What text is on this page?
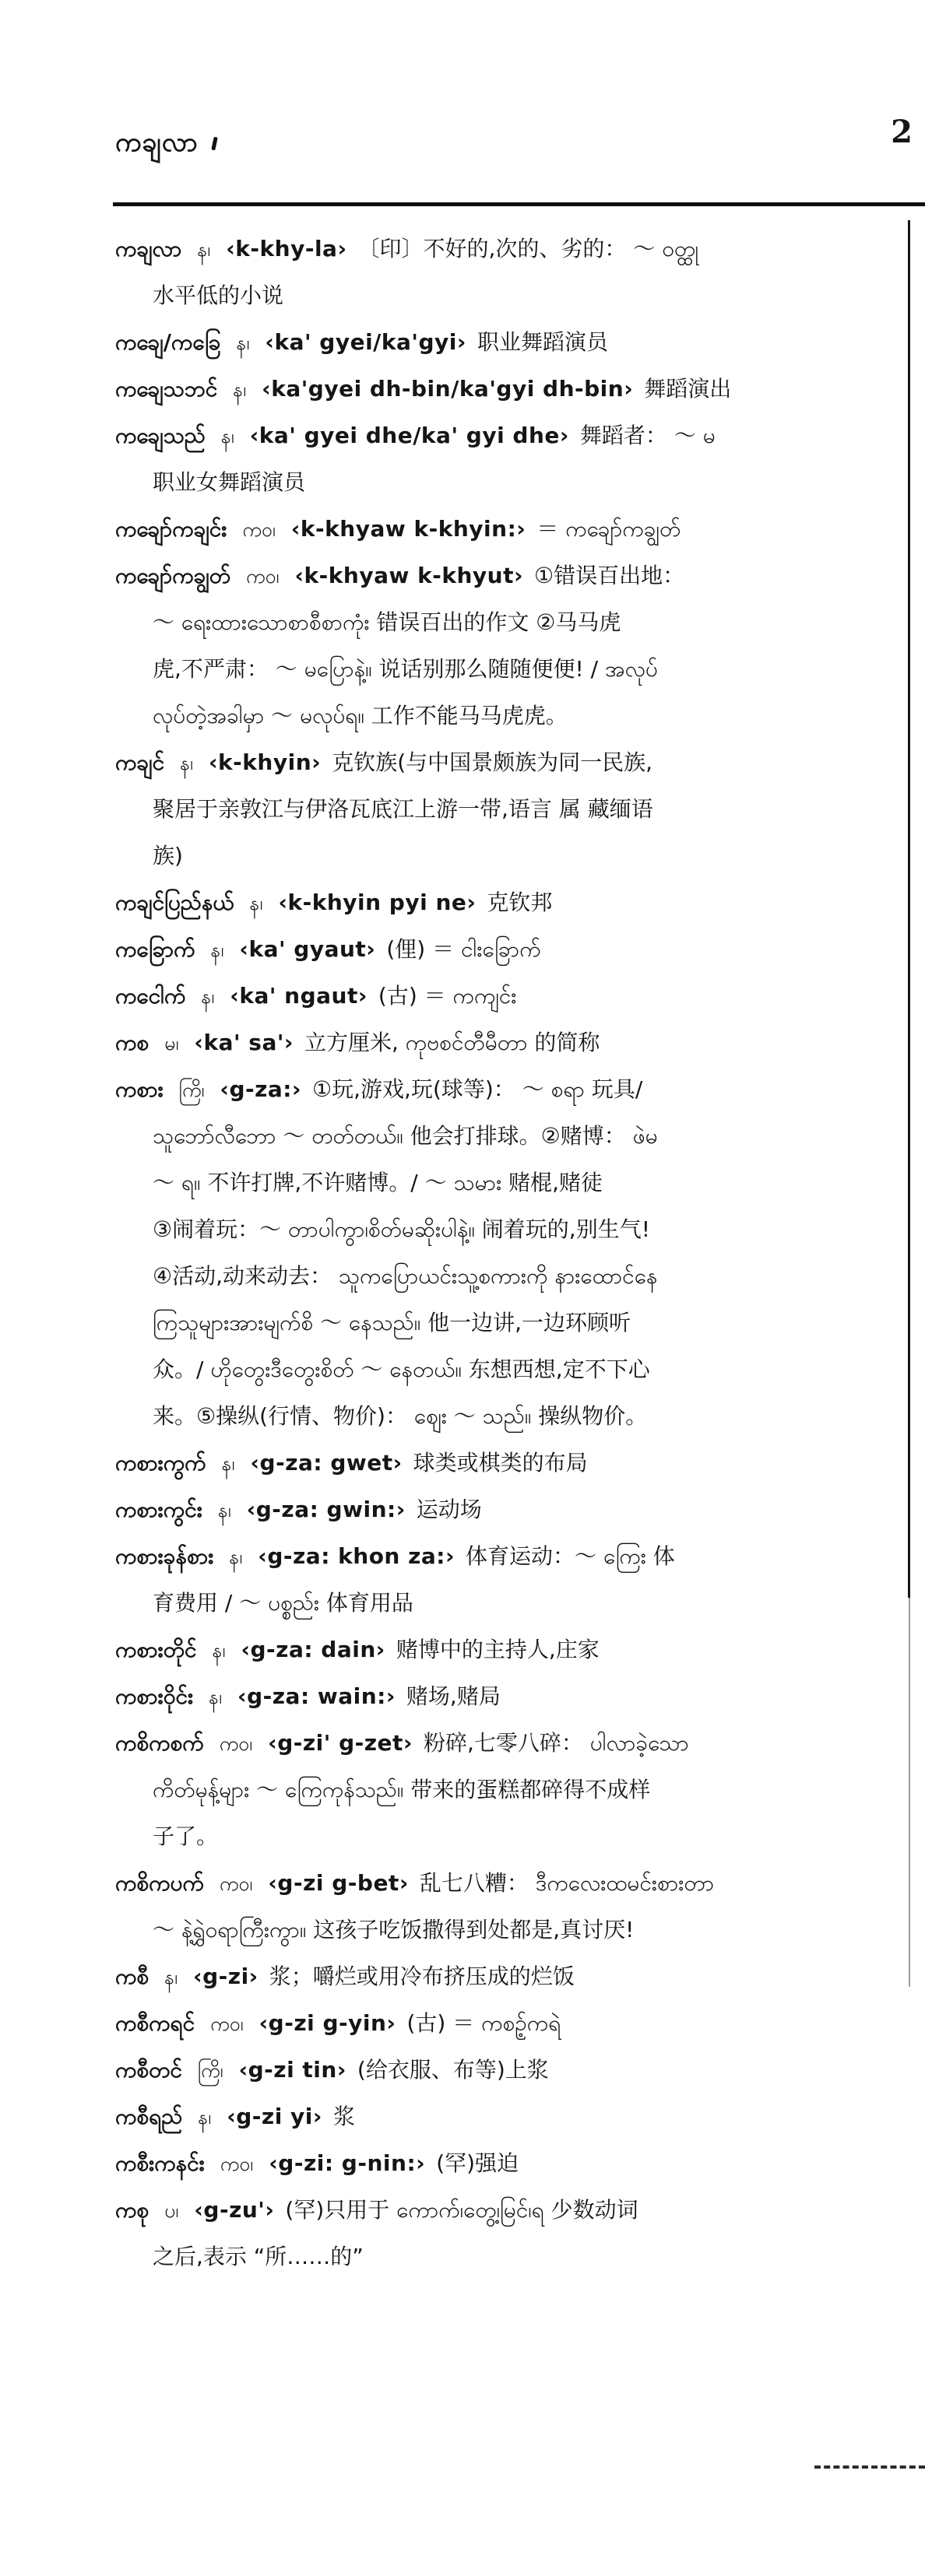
ကချလာ	2
ကချလာ န၊ ‹k-khy-la› 〔印〕不好的,次的、劣的： ～ ဝတ္ထု
水平低的小说
ကချေ/ကခြေ န၊ ‹ka' gyei/ka'gyi› 职业舞蹈演员
ကချေသဘင် န၊ ‹ka'gyei dh-bin/ka'gyi dh-bin› 舞蹈演出
ကချေသည် န၊ ‹ka' gyei dhe/ka' gyi dhe› 舞蹈者： ～ မ
职业女舞蹈演员
ကချော်ကချင်း ကဝ၊ ‹k-khyaw k-khyin:› ＝ ကချော်ကချွတ်
ကချော်ကချွတ် ကဝ၊ ‹k-khyaw k-khyut› ①错误百出地：
～ ရေးထားသောစာစီစာကုံး 错误百出的作文 ②马马虎
虎,不严肃： ～ မပြောနဲ့။ 说话别那么随随便便! / အလုပ်
လုပ်တဲ့အခါမှာ ～ မလုပ်ရ။ 工作不能马马虎虎。
ကချင် န၊ ‹k-khyin› 克钦族(与中国景颇族为同一民族,
聚居于亲敦江与伊洛瓦底江上游一带,语言 属 藏缅语
族)
ကချင်ပြည်နယ် န၊ ‹k-khyin pyi ne› 克钦邦
ကခြောက် န၊ ‹ka' gyaut› (俚) ＝ ငါးခြောက်
ကငေါက် န၊ ‹ka' ngaut› (古) ＝ ကကျင်း
ကစ မ၊ ‹ka' sa'› 立方厘米, ကုဗစင်တီမီတာ 的简称
ကစား ကြိ၊ ‹g-za:› ①玩,游戏,玩(球等)： ～ စရာ 玩具/
သူဘော်လီဘော ～ တတ်တယ်။ 他会打排球。②赌博： ဖဲမ
～ ရ။ 不许打牌,不许赌博。/ ～ သမား 赌棍,赌徒
③闹着玩：～ တာပါကွာ၊စိတ်မဆိုးပါနဲ့။ 闹着玩的,别生气!
④活动,动来动去： သူကပြောယင်းသူ့စကားကို နားထောင်နေ
ကြသူများအားမျက်စိ ～ နေသည်။ 他一边讲,一边环顾听
众。/ ဟိုတွေးဒီတွေးစိတ် ～ နေတယ်။ 东想西想,定不下心
来。⑤操纵(行情、物价)： ဈေး ～ သည်။ 操纵物价。
ကစားကွက် န၊ ‹g-za: gwet› 球类或棋类的布局
ကစားကွင်း န၊ ‹g-za: gwin:› 运动场
ကစားခုန်စား န၊ ‹g-za: khon za:› 体育运动：～ ကြေး 体
育费用 / ～ ပစ္စည်း 体育用品
ကစားတိုင် န၊ ‹g-za: dain› 赌博中的主持人,庄家
ကစားဝိုင်း န၊ ‹g-za: wain:› 赌场,赌局
ကစိကစက် ကဝ၊ ‹g-zi' g-zet› 粉碎,七零八碎： ပါလာခဲ့သော
ကိတ်မုန့်များ ～ ကြေကုန်သည်။ 带来的蛋糕都碎得不成样
子了。
ကစိကပက် ကဝ၊ ‹g-zi g-bet› 乱七八糟： ဒီကလေးထမင်းစားတာ
～ နဲ့ရွှဲဝရာကြီးကွာ။ 这孩子吃饭撒得到处都是,真讨厌!
ကစီ န၊ ‹g-zi› 浆；嚼烂或用冷布挤压成的烂饭
ကစီကရင် ကဝ၊ ‹g-zi g-yin› (古) ＝ ကစဉ့်ကရဲ
ကစီတင် ကြိ၊ ‹g-zi tin› (给衣服、布等)上浆
ကစီရည် န၊ ‹g-zi yi› 浆
ကစီးကနင်း ကဝ၊ ‹g-zi: g-nin:› (罕)强迫
ကစု ပ၊ ‹g-zu'› (罕)只用于 ကောက်၊တွေ့၊မြင်၊ရ 少数动词
之后,表示 “所……的”
